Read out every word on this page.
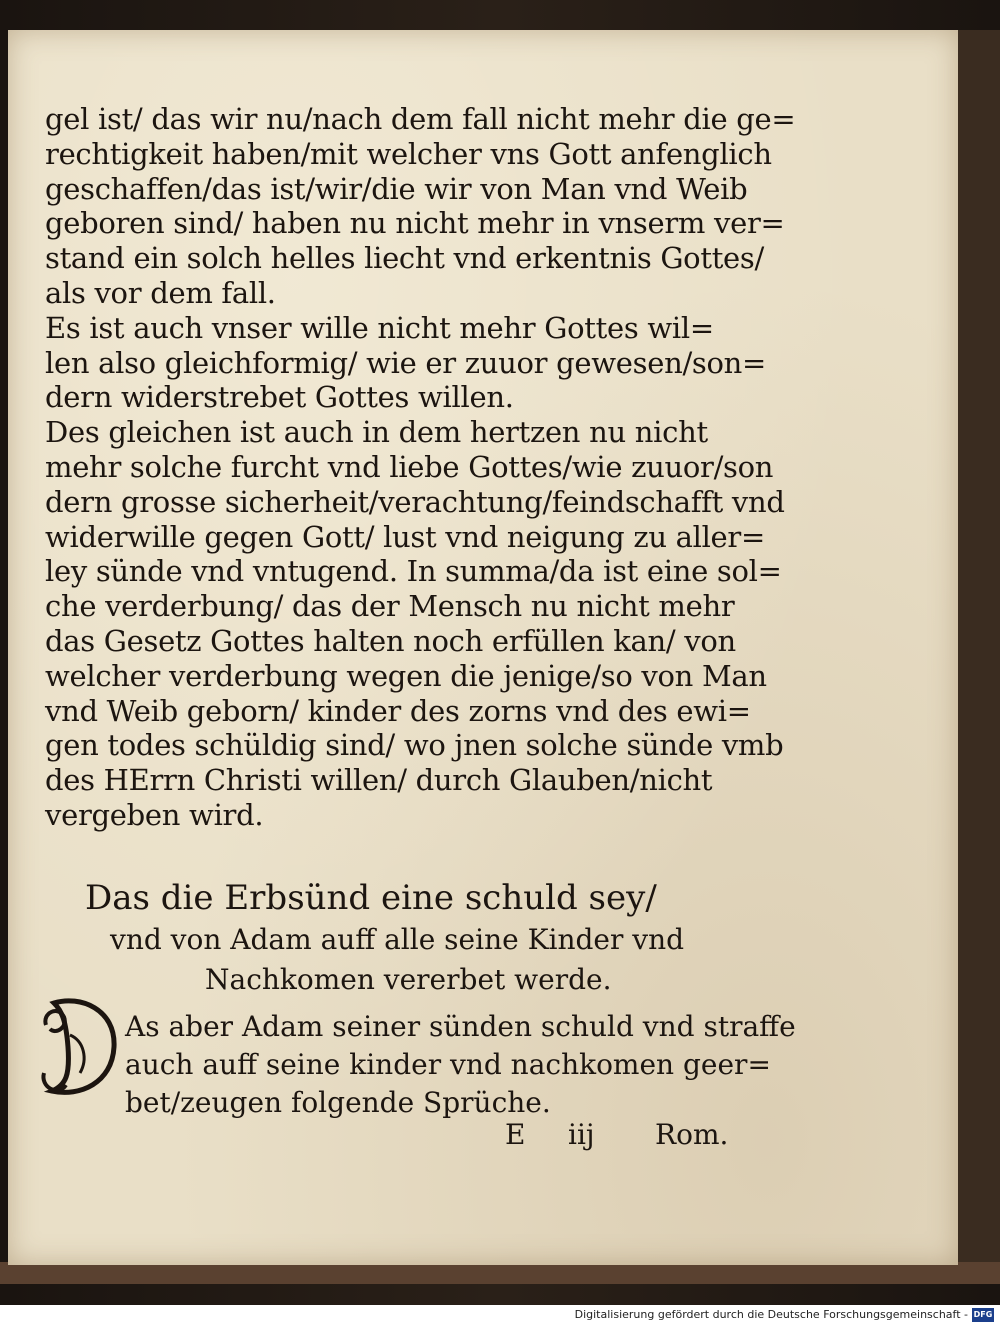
gel ist/ das wir nu/nach dem fall nicht mehr die ge=
rechtigkeit haben/mit welcher vns Gott anfenglich
geschaffen/das ist/wir/die wir von Man vnd Weib
geboren sind/ haben nu nicht mehr in vnserm ver=
stand ein solch helles liecht vnd erkentnis Gottes/
als vor dem fall.
Es ist auch vnser wille nicht mehr Gottes wil=
len also gleichformig/ wie er zuuor gewesen/son=
dern widerstrebet Gottes willen.
Des gleichen ist auch in dem hertzen nu nicht
mehr solche furcht vnd liebe Gottes/wie zuuor/son
dern grosse sicherheit/verachtung/feindschafft vnd
widerwille gegen Gott/ lust vnd neigung zu aller=
ley sünde vnd vntugend. In summa/da ist eine sol=
che verderbung/ das der Mensch nu nicht mehr
das Gesetz Gottes halten noch erfüllen kan/ von
welcher verderbung wegen die jenige/so von Man
vnd Weib geborn/ kinder des zorns vnd des ewi=
gen todes schüldig sind/ wo jnen solche sünde vmb
des HErrn Christi willen/ durch Glauben/nicht
vergeben wird.
Das die Erbsünd eine schuld sey/
vnd von Adam auff alle seine Kinder vnd
Nachkomen vererbet werde.
As aber Adam seiner sünden schuld vnd straffe
auch auff seine kinder vnd nachkomen geer=
bet/zeugen folgende Sprüche.
E iij Rom.
Digitalisierung gefördert durch die Deutsche Forschungsgemeinschaft - DFG
